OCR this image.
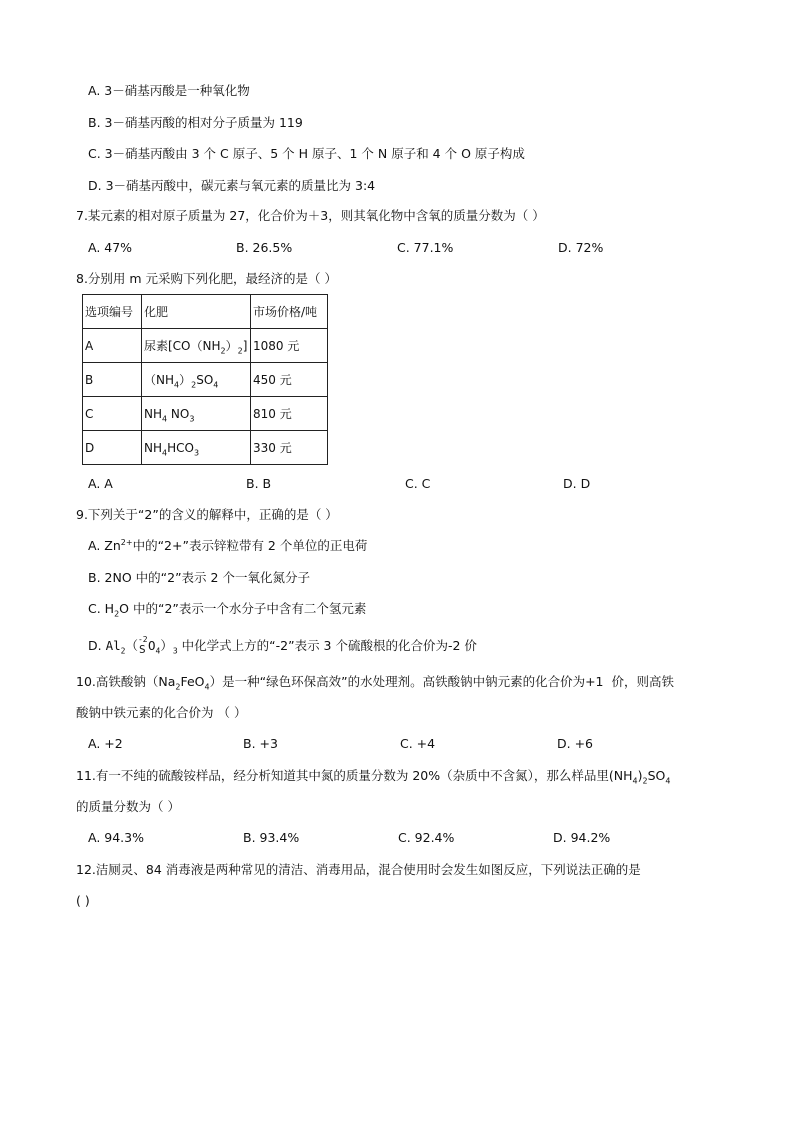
A. 3－硝基丙酸是一种氧化物
B. 3－硝基丙酸的相对分子质量为 119
C. 3－硝基丙酸由 3 个 C 原子、5 个 H 原子、1 个 N 原子和 4 个 O 原子构成
D. 3－硝基丙酸中，碳元素与氧元素的质量比为 3:4
7.某元素的相对原子质量为 27，化合价为＋3，则其氧化物中含氧的质量分数为（ ）
A. 47%	B. 26.5%	C. 77.1%	D. 72%
8.分别用 m 元采购下列化肥，最经济的是（ ）
选项编号	化肥	市场价格/吨
A	尿素$[CO(NH_2)_2]$	1080 元
B	$(NH_4)_2SO_4$	450 元
C	$NH_4$ $NO_3$	810 元
D	$NH_4HCO_3$	330 元
A. A	B. B	C. C	D. D
9.下列关于“2”的含义的解释中，正确的是（ ）
A. $Zn^{2+}$中的“2+”表示锌粒带有 2 个单位的正电荷
B. 2NO 中的“2”表示 2 个一氧化氮分子
C. $H_2O$ 中的“2”表示一个水分子中含有二个氢元素
D. $Al_2$（ -2
S $O_4)_3$ 中化学式上方的“-2”表示 3 个硫酸根的化合价为-2 价
10.高铁酸钠$(Na_2FeO_4)$是一种“绿色环保高效”的水处理剂。高铁酸钠中钠元素的化合价为+1  价，则高铁
酸钠中铁元素的化合价为 （ ）
A. +2	B. +3	C. +4	D. +6
11.有一不纯的硫酸铵样品，经分析知道其中氮的质量分数为 20%（杂质中不含氮），那么样品里$(NH_4)_2SO_4$
的质量分数为（ ）
A. 94.3%	B. 93.4%	C. 92.4%	D. 94.2%
12.洁厕灵、84 消毒液是两种常见的清洁、消毒用品，混合使用时会发生如图反应，下列说法正确的是
( )
